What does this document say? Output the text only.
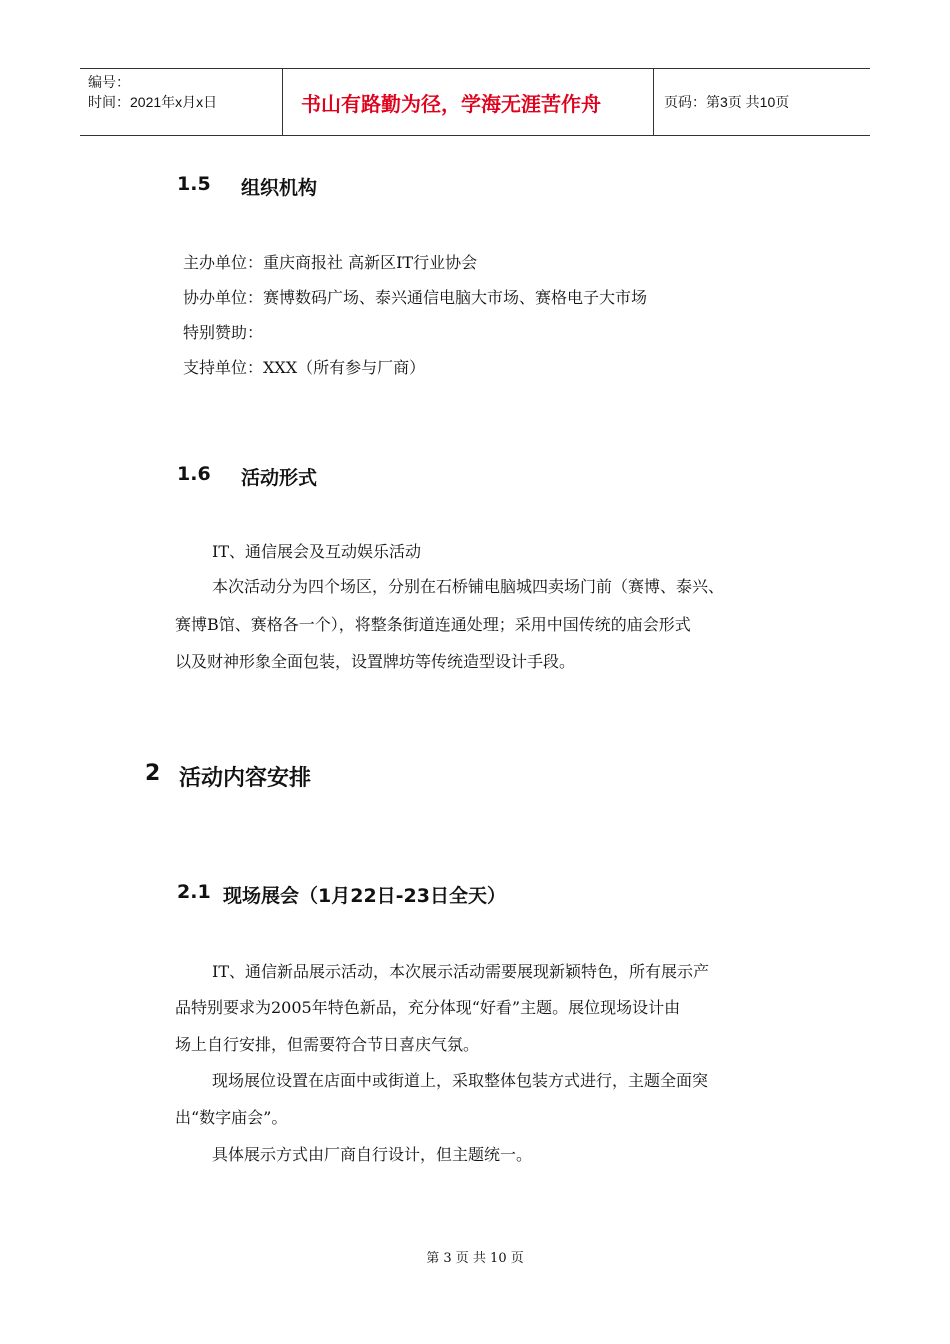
编号：
时间：2021年x月x日	书山有路勤为径，学海无涯苦作舟	页码：第3页 共10页
1.5	组织机构
主办单位：重庆商报社 高新区IT行业协会
协办单位：赛博数码广场、泰兴通信电脑大市场、赛格电子大市场
特别赞助：
支持单位：XXX（所有参与厂商）
1.6	活动形式
IT、通信展会及互动娱乐活动
本次活动分为四个场区，分别在石桥铺电脑城四卖场门前（赛博、泰兴、
赛博B馆、赛格各一个），将整条街道连通处理；采用中国传统的庙会形式
以及财神形象全面包装，设置牌坊等传统造型设计手段。
2 活动内容安排
2.1 现场展会（1月22日-23日全天）
IT、通信新品展示活动，本次展示活动需要展现新颖特色，所有展示产
品特别要求为2005年特色新品，充分体现“好看”主题。展位现场设计由
场上自行安排，但需要符合节日喜庆气氛。
现场展位设置在店面中或街道上，采取整体包装方式进行，主题全面突
出“数字庙会”。
具体展示方式由厂商自行设计，但主题统一。
第 3 页 共 10 页
